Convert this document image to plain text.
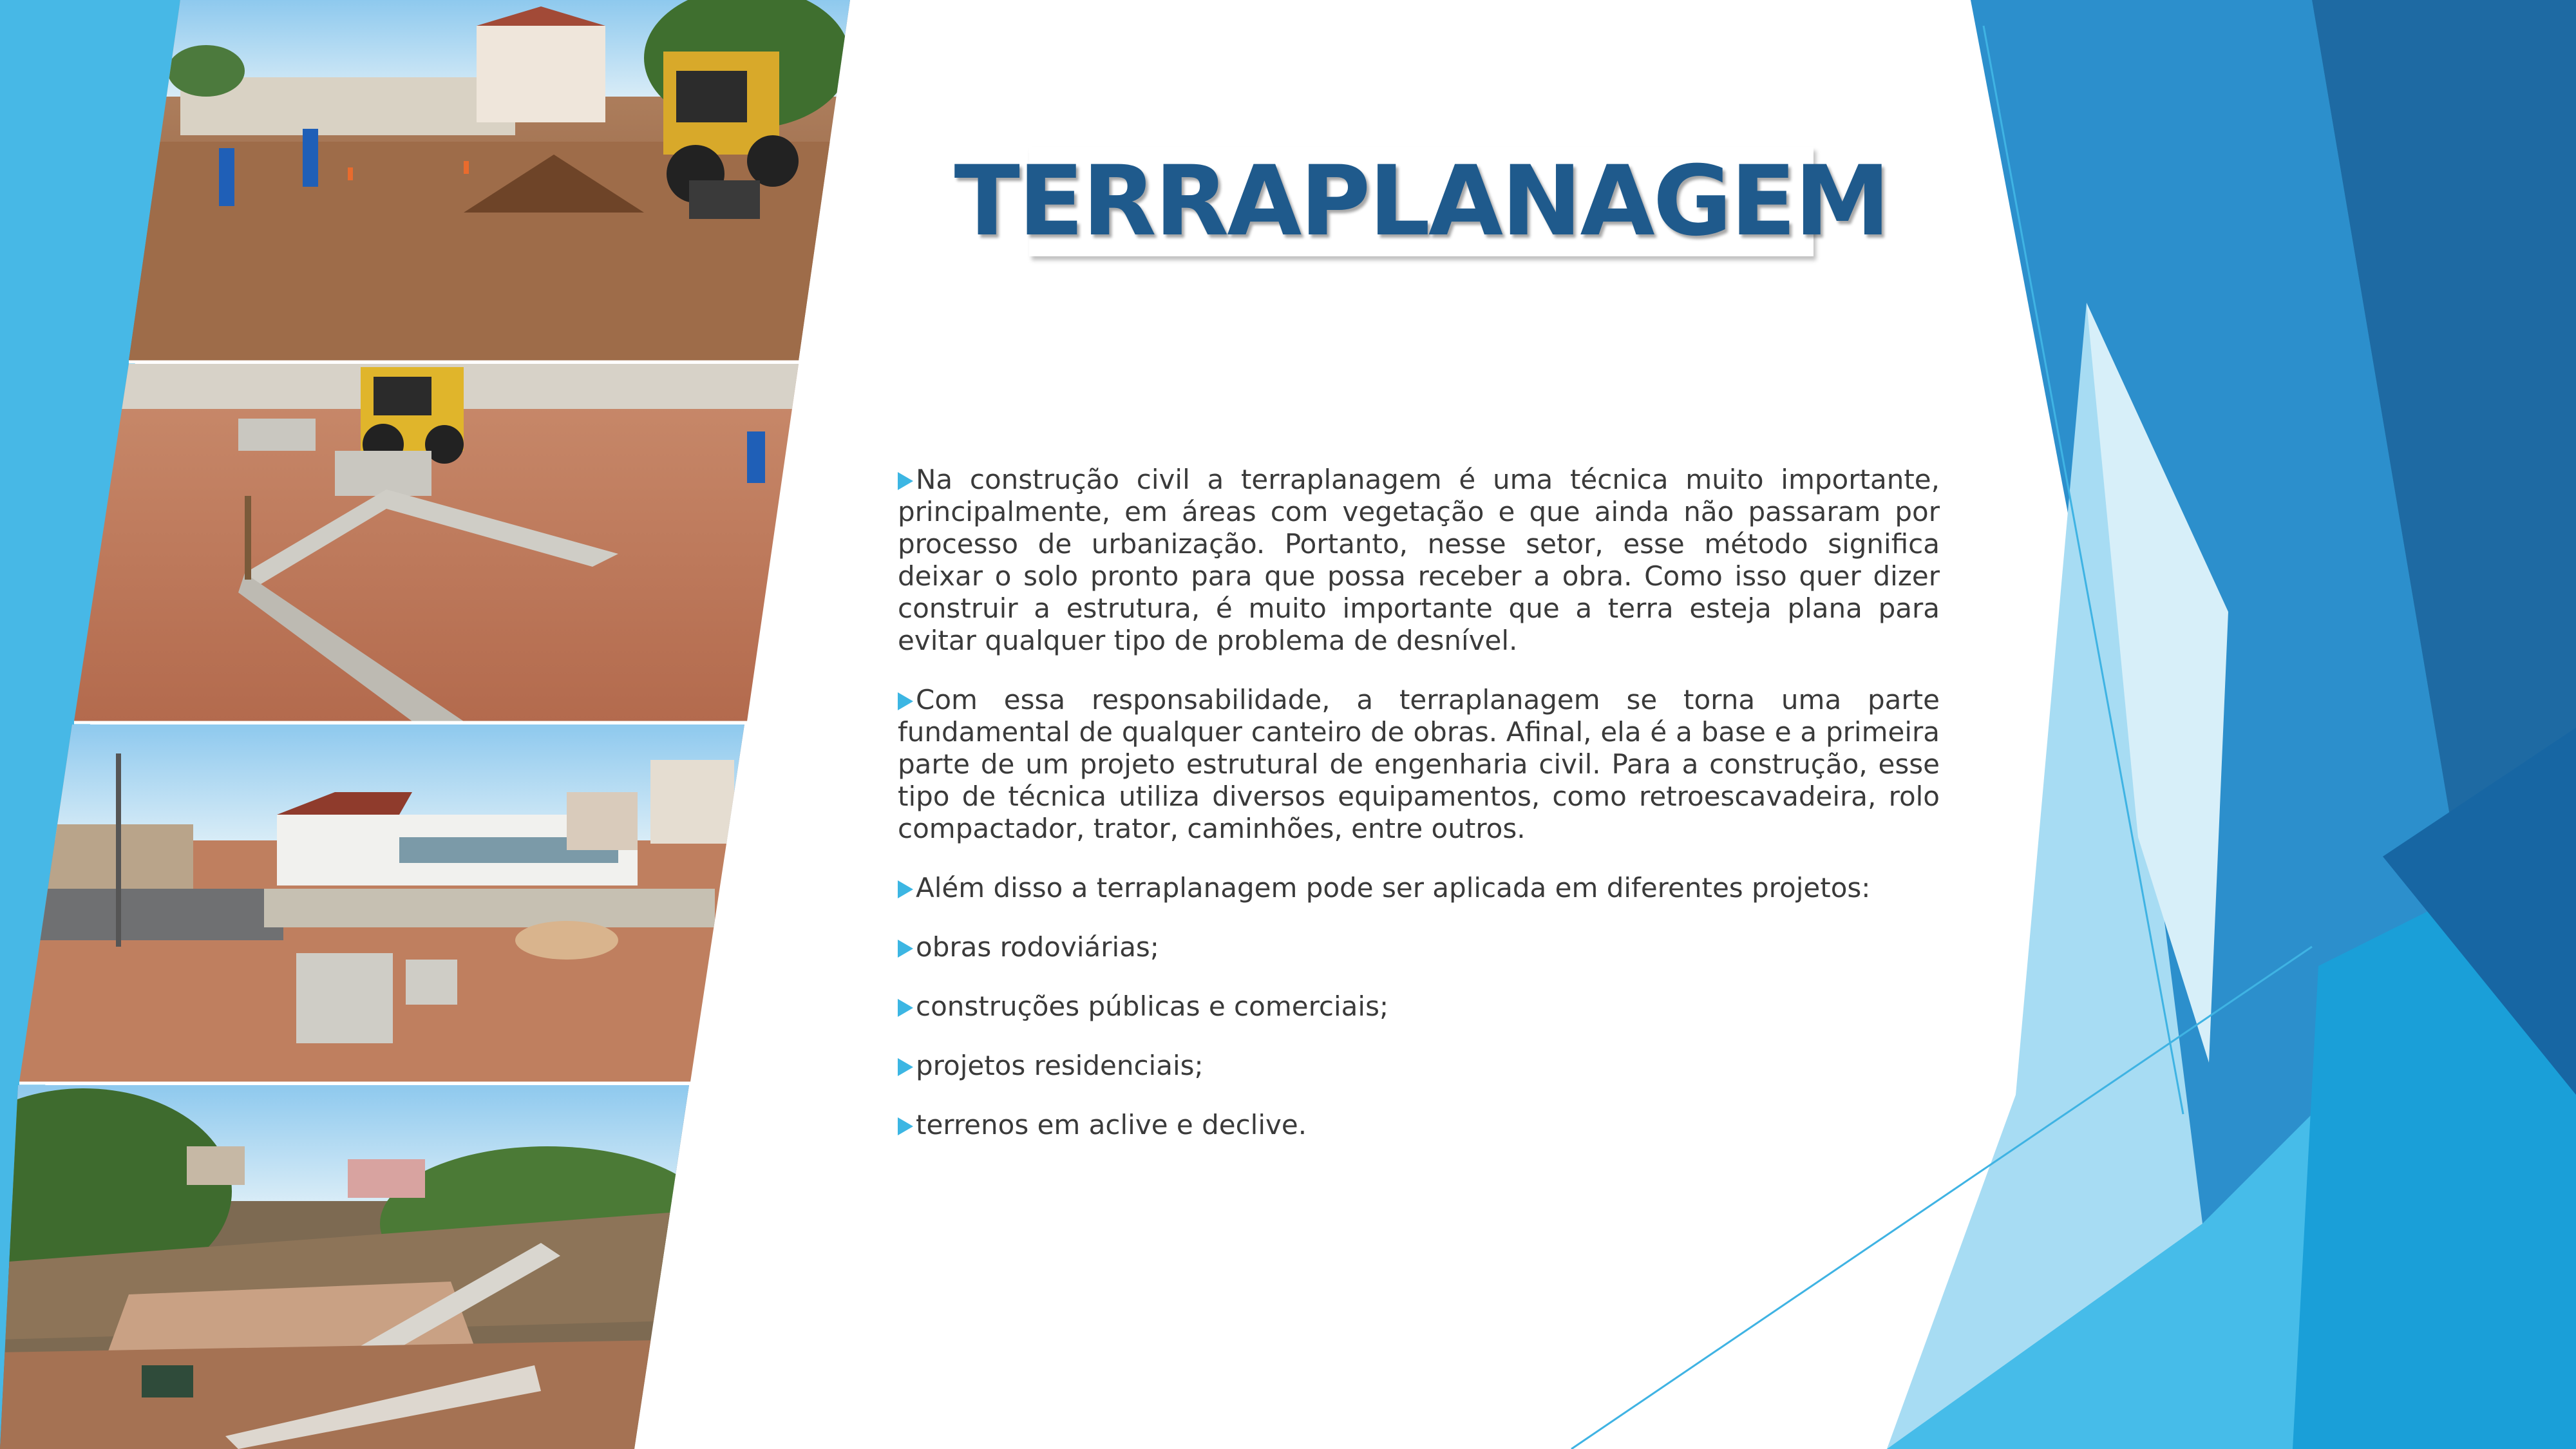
TERRAPLANAGEM

Na construção civil a terraplanagem é uma técnica muito importante, principalmente, em áreas com vegetação e que ainda não passaram por processo de urbanização. Portanto, nesse setor, esse método significa deixar o solo pronto para que possa receber a obra. Como isso quer dizer construir a estrutura, é muito importante que a terra esteja plana para evitar qualquer tipo de problema de desnível.

Com essa responsabilidade, a terraplanagem se torna uma parte fundamental de qualquer canteiro de obras. Afinal, ela é a base e a primeira parte de um projeto estrutural de engenharia civil. Para a construção, esse tipo de técnica utiliza diversos equipamentos, como retroescavadeira, rolo compactador, trator, caminhões, entre outros.

Além disso a terraplanagem pode ser aplicada em diferentes projetos:

obras rodoviárias;
construções públicas e comerciais;
projetos residenciais;
terrenos em aclive e declive.
